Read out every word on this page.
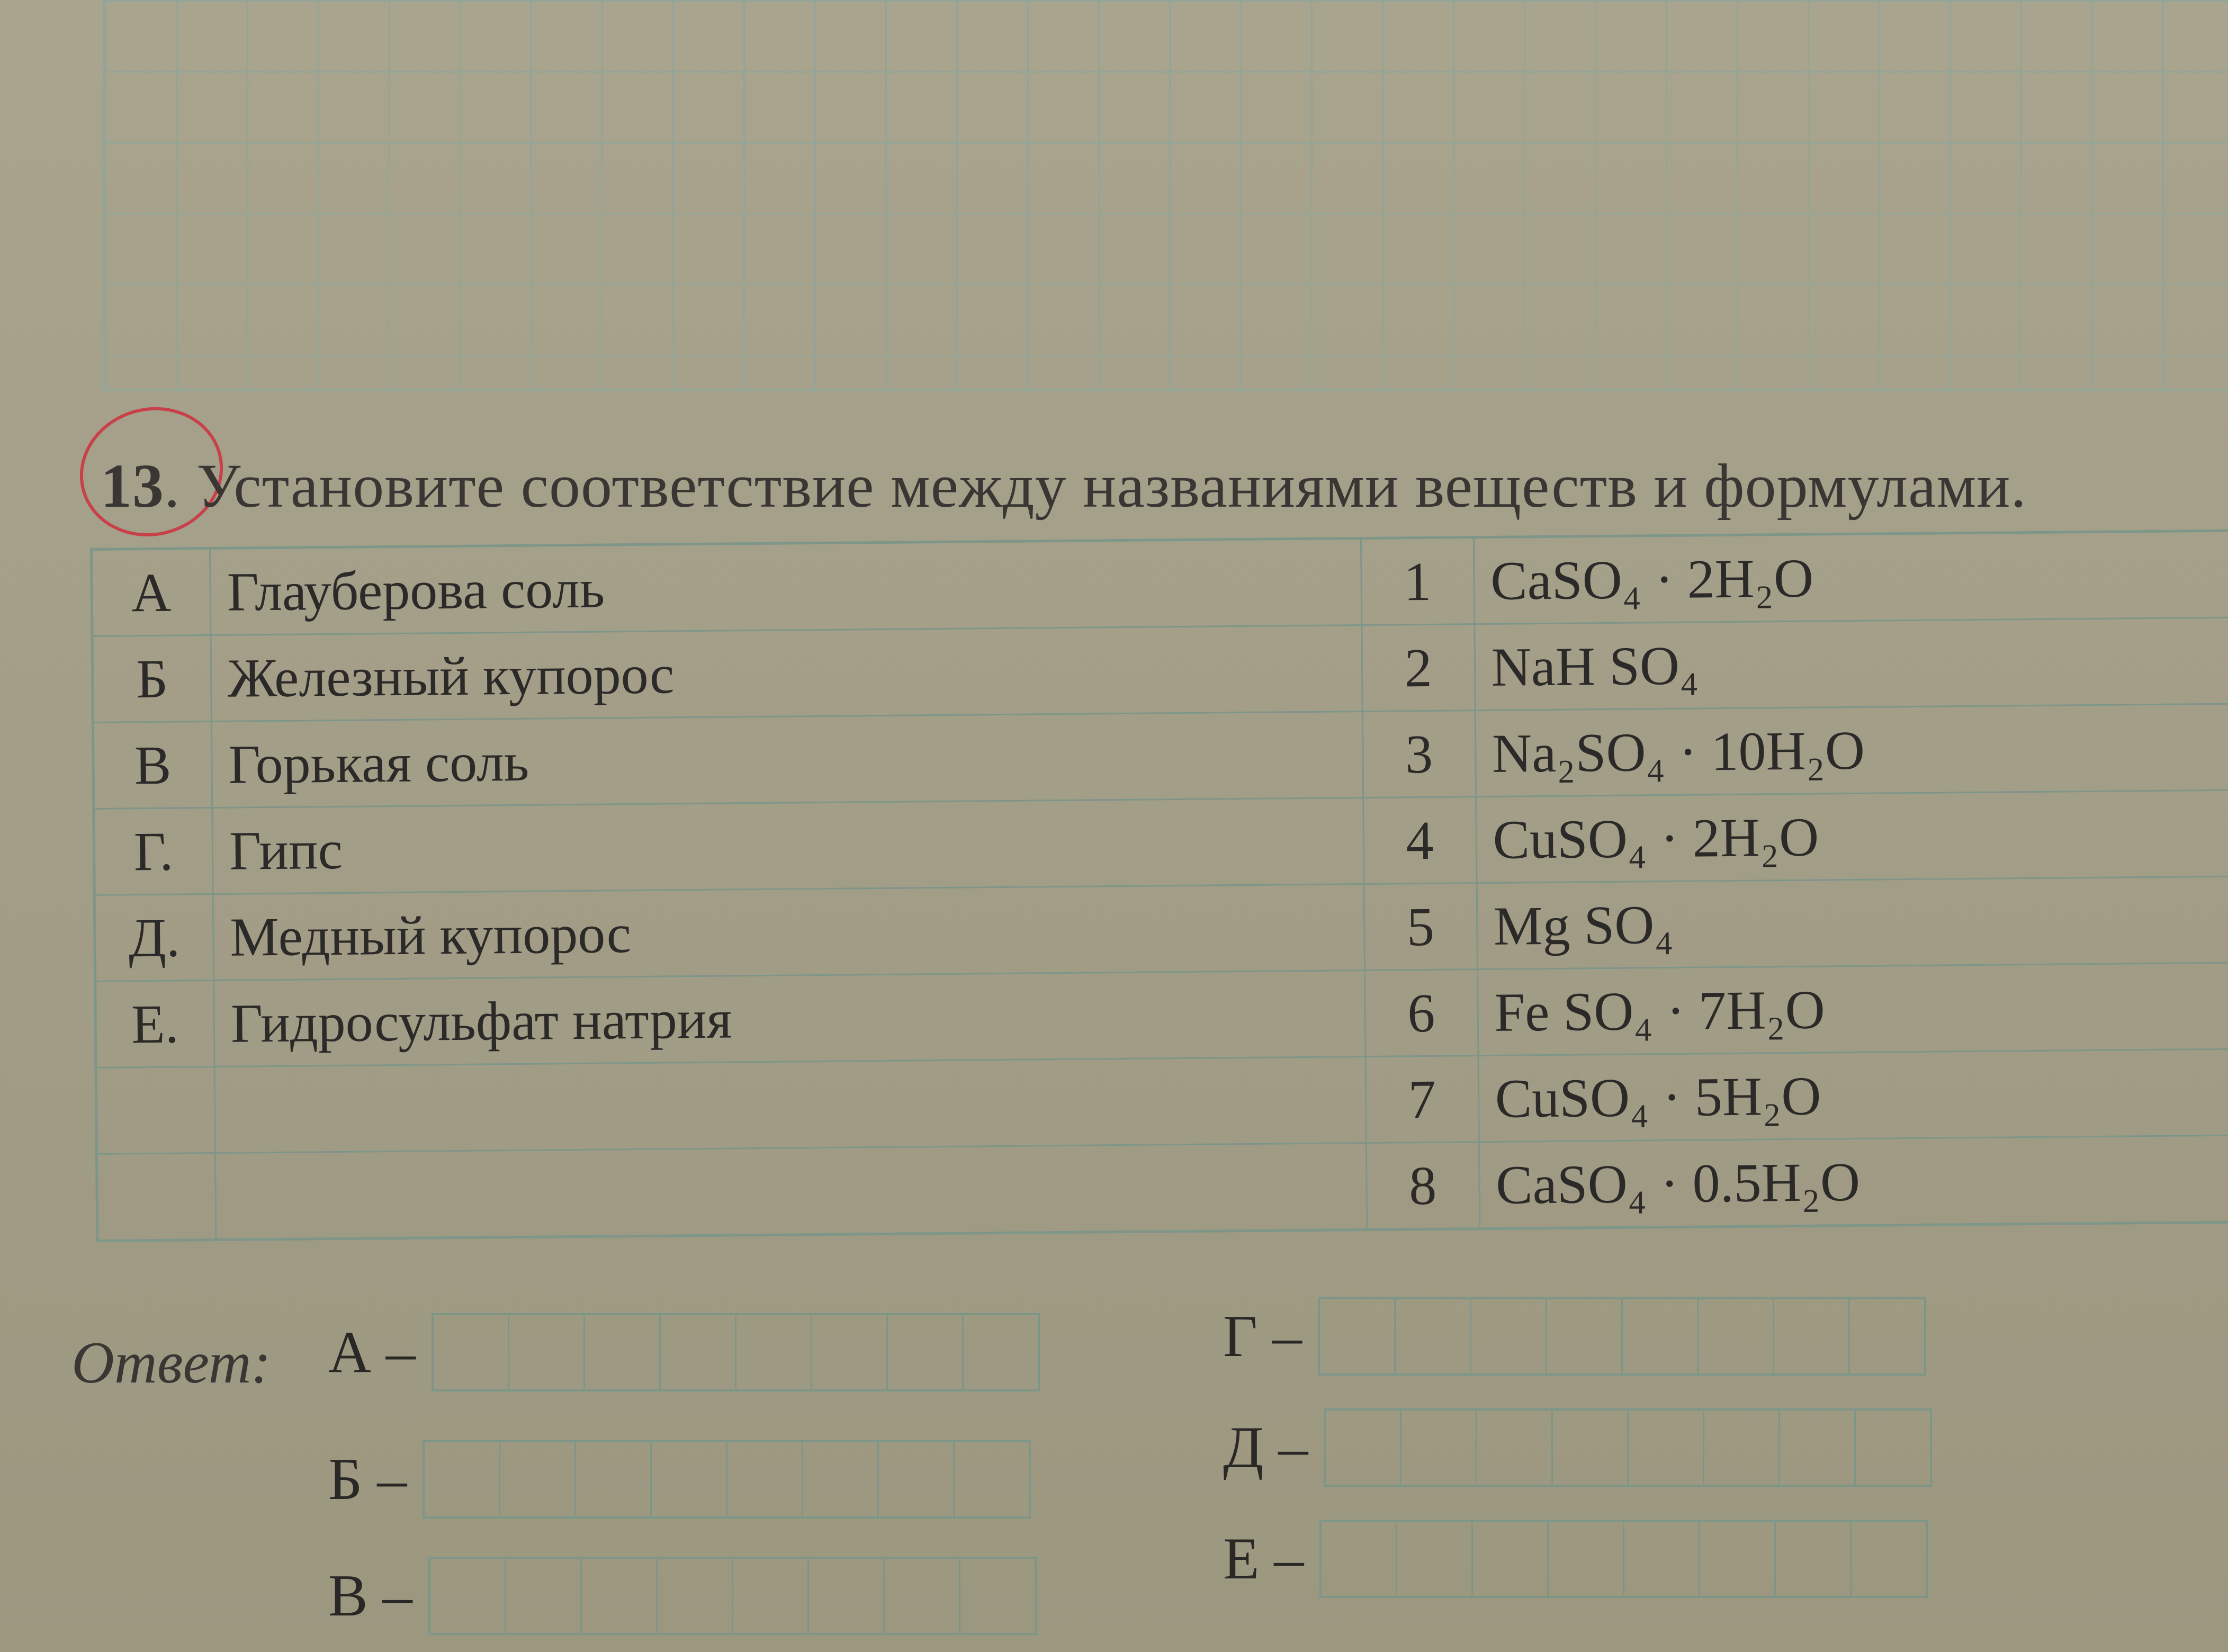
13. Установите соответствие между названиями веществ и формулами.
А	Глауберова соль	1	CaSO₄ · 2H₂O
Б	Железный купорос	2	NaH SO₄
В	Горькая соль	3	Na₂SO₄ · 10H₂O
Г.	Гипс	4	CuSO₄ · 2H₂O
Д.	Медный купорос	5	Mg SO₄
Е.	Гидросульфат натрия	6	Fe SO₄ · 7H₂O
		7	CuSO₄ · 5H₂O
		8	CaSO₄ · 0.5H₂O
Ответ: А –
Б –
В –
Г –
Д –
Е –
